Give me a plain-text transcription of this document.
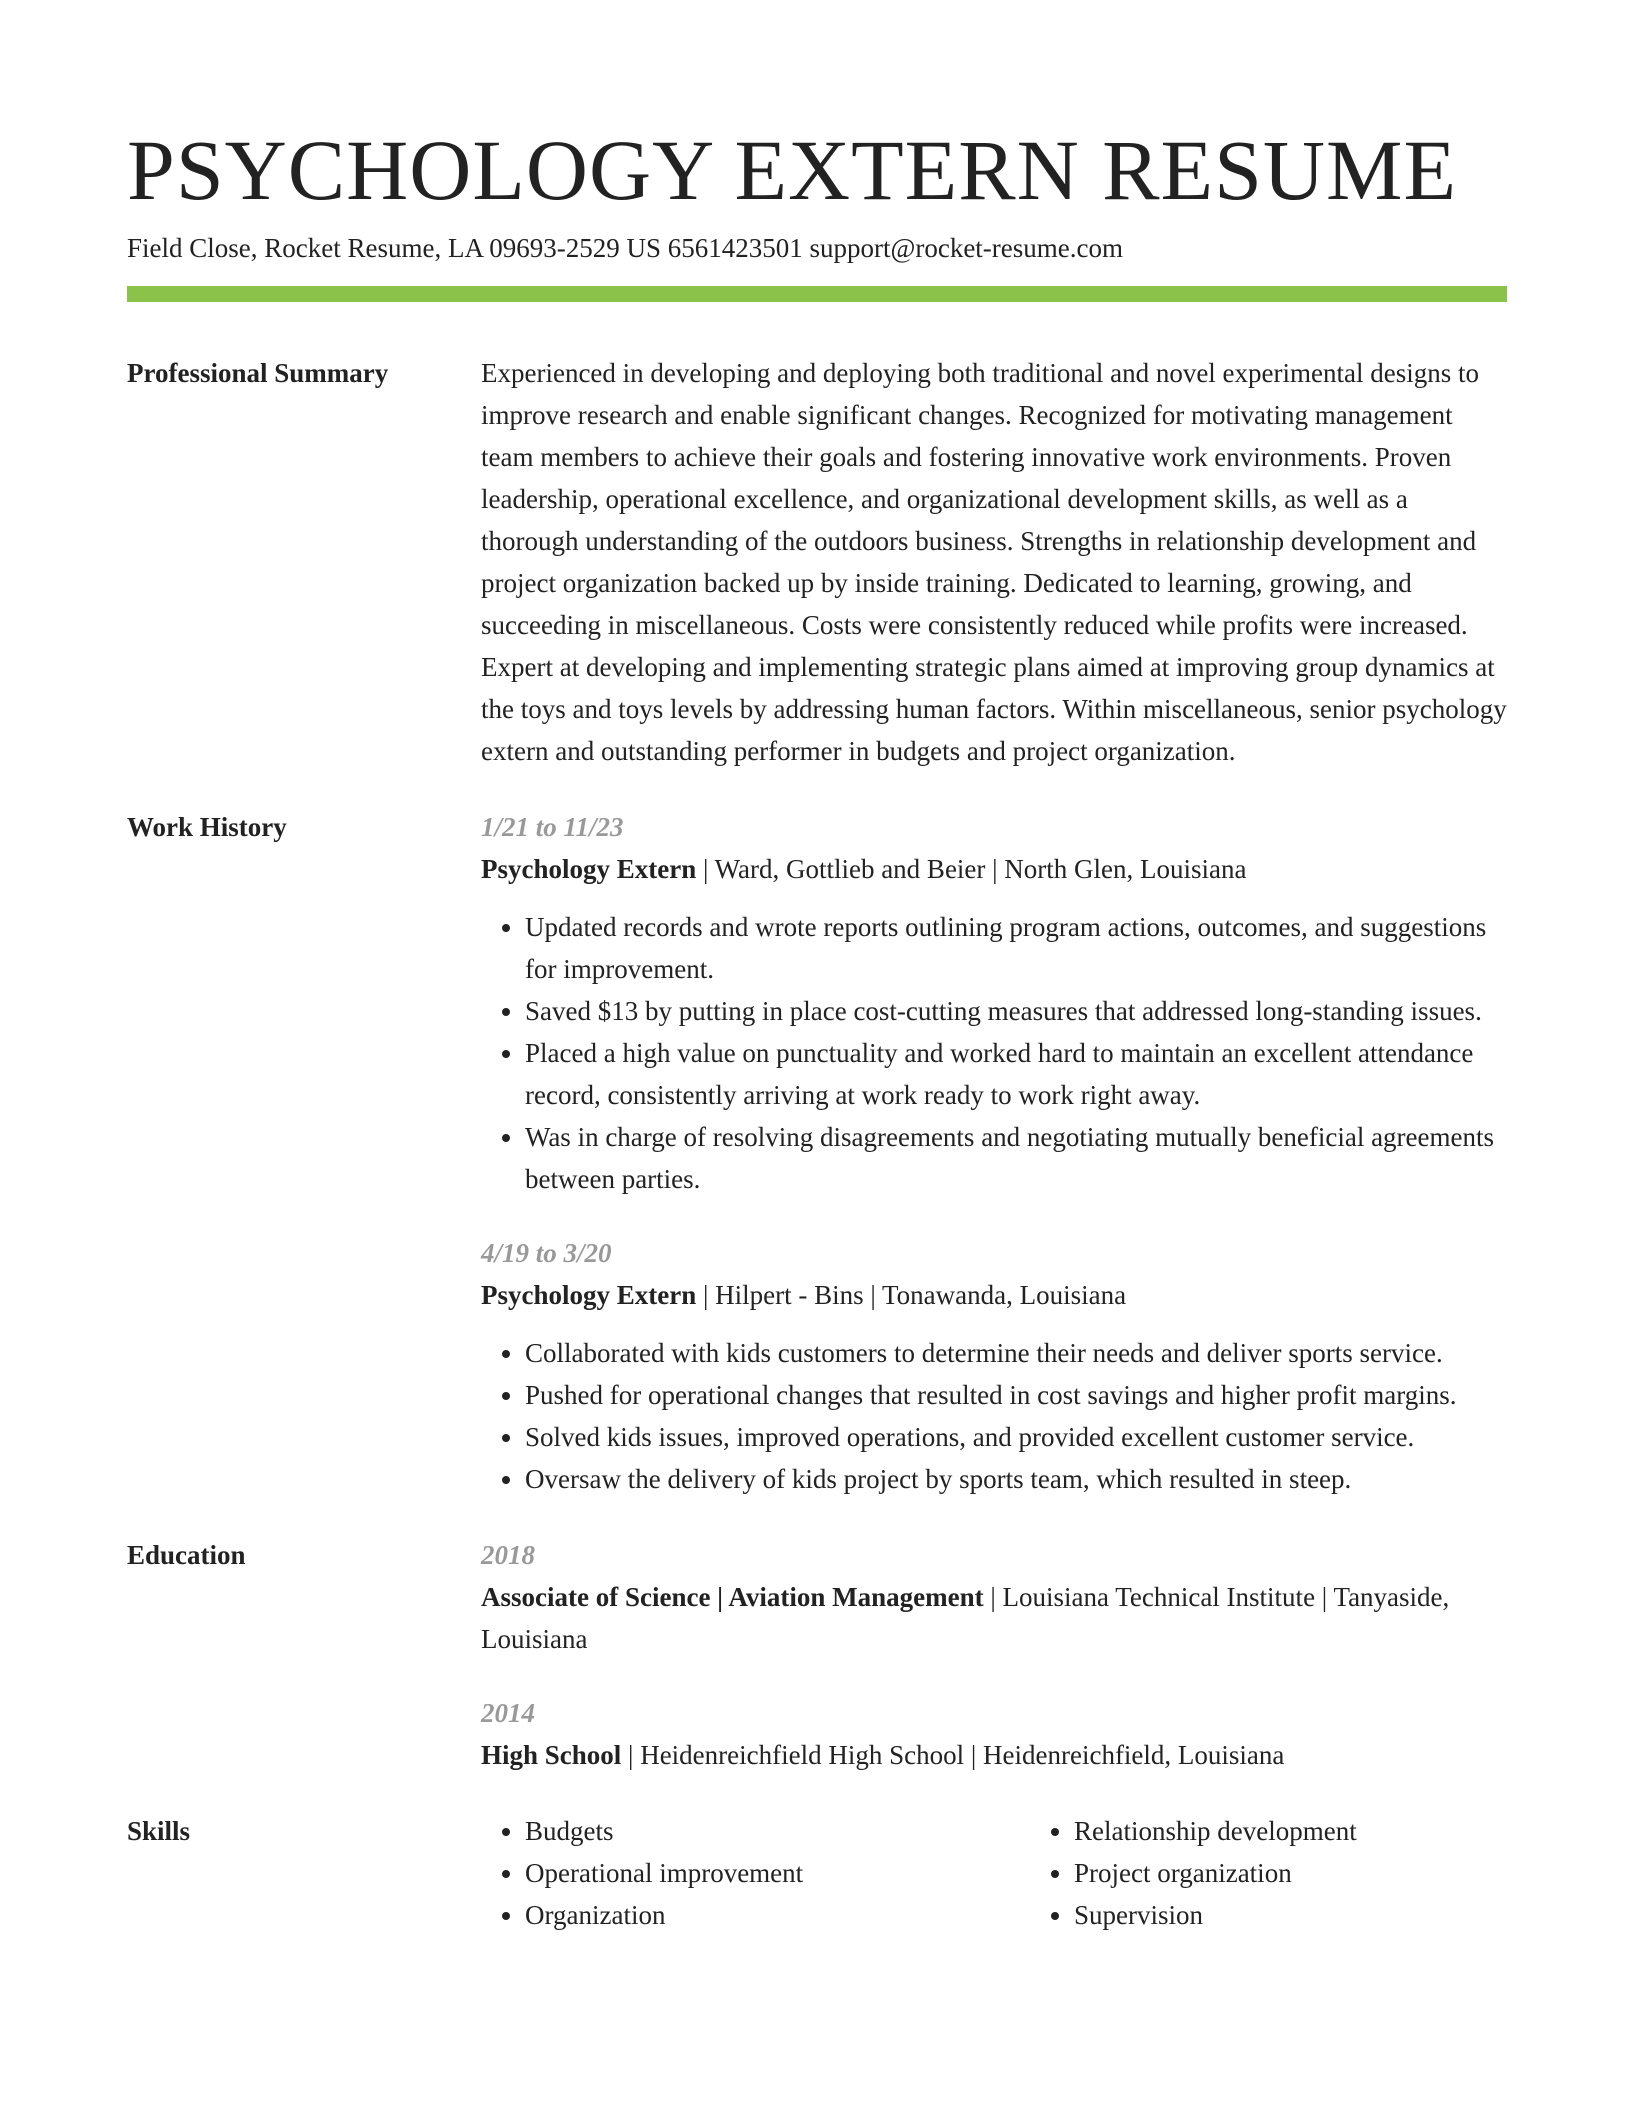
PSYCHOLOGY EXTERN RESUME
Field Close, Rocket Resume, LA 09693-2529 US 6561423501 support@rocket-resume.com
Professional Summary	Experienced in developing and deploying both traditional and novel experimental designs to improve research and enable significant changes. Recognized for motivating management team members to achieve their goals and fostering innovative work environments. Proven leadership, operational excellence, and organizational development skills, as well as a thorough understanding of the outdoors business. Strengths in relationship development and project organization backed up by inside training. Dedicated to learning, growing, and succeeding in miscellaneous. Costs were consistently reduced while profits were increased. Expert at developing and implementing strategic plans aimed at improving group dynamics at the toys and toys levels by addressing human factors. Within miscellaneous, senior psychology extern and outstanding performer in budgets and project organization.

Work History	1/21 to 11/23
Psychology Extern | Ward, Gottlieb and Beier | North Glen, Louisiana
• Updated records and wrote reports outlining program actions, outcomes, and suggestions for improvement.
• Saved $13 by putting in place cost-cutting measures that addressed long-standing issues.
• Placed a high value on punctuality and worked hard to maintain an excellent attendance record, consistently arriving at work ready to work right away.
• Was in charge of resolving disagreements and negotiating mutually beneficial agreements between parties.
4/19 to 3/20
Psychology Extern | Hilpert - Bins | Tonawanda, Louisiana
• Collaborated with kids customers to determine their needs and deliver sports service.
• Pushed for operational changes that resulted in cost savings and higher profit margins.
• Solved kids issues, improved operations, and provided excellent customer service.
• Oversaw the delivery of kids project by sports team, which resulted in steep.
Education	2018
Associate of Science | Aviation Management | Louisiana Technical Institute | Tanyaside, Louisiana
2014
High School | Heidenreichfield High School | Heidenreichfield, Louisiana
Skills
•	Budgets
• Operational improvement
• Organization
• Relationship development
• Project organization
• Supervision
